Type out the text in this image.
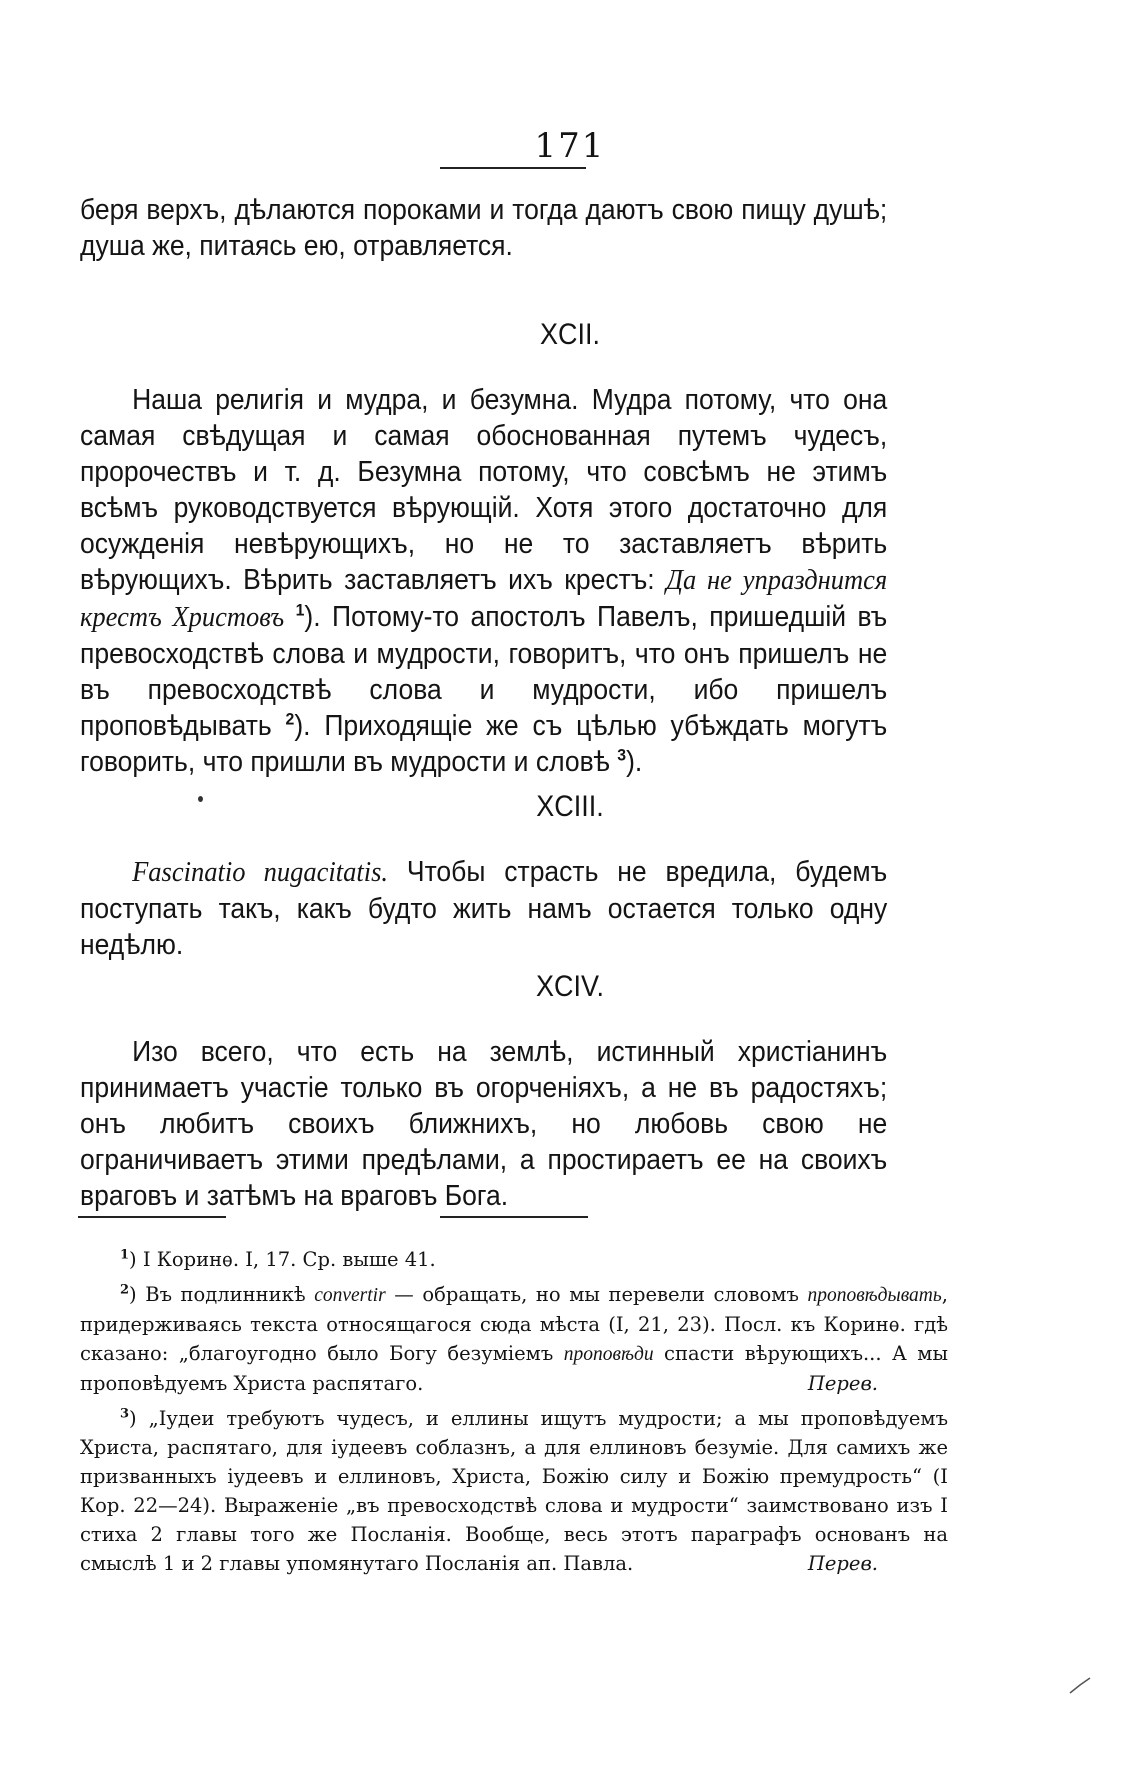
171

беря верхъ, дѣлаются пороками и тогда даютъ свою пищу душѣ;

душа же, питаясь ею, отравляется.

XCII.

Наша религія и мудра, и безумна. Мудра потому, что она самая свѣдущая и самая обоснованная путемъ чудесъ, пророчествъ и т. д. Безумна потому, что совсѣмъ не этимъ всѣмъ руководствуется вѣрующій. Хотя этого достаточно для осужденія невѣрующихъ, но не то заставляетъ вѣрить вѣрующихъ. Вѣрить заставляетъ ихъ крестъ: Да не упразднится крестъ Христовъ $^1$). Потому-то апостолъ Павелъ, пришедшій въ превосходствѣ слова и мудрости, говоритъ, что онъ пришелъ не въ превосходствѣ слова и мудрости, ибо пришелъ проповѣдывать $^2$). Приходящіе же съ цѣлью убѣждать могутъ говорить, что пришли въ мудрости и словѣ $^3$).

XCIII.

Fascinatio nugacitatis. Чтобы страсть не вредила, будемъ поступать такъ, какъ будто жить намъ остается только одну недѣлю.

XCIV.

Изо всего, что есть на землѣ, истинный христіанинъ принимаетъ участіе только въ огорченіяхъ, а не въ радостяхъ; онъ любитъ своихъ ближнихъ, но любовь свою не ограничиваетъ этими предѣлами, а простираетъ ее на своихъ враговъ и затѣмъ на враговъ Бога.

$^1$) I Коринѳ. I, 17. Ср. выше 41.

$^2$) Въ подлинникѣ convertir — обращать, но мы перевели словомъ проповѣдывать, придерживаясь текста относящагося сюда мѣста (I, 21, 23). Посл. къ Коринѳ. гдѣ сказано: „благоугодно было Богу безуміемъ проповѣди спасти вѣрующихъ... А мы проповѣдуемъ Христа распятаго.	Перев.

$^3$) „Іудеи требуютъ чудесъ, и еллины ищутъ мудрости; а мы проповѣдуемъ Христа, распятаго, для іудеевъ соблазнъ, а для еллиновъ безуміе. Для самихъ же призванныхъ іудеевъ и еллиновъ, Христа, Божію силу и Божію премудрость“ (I Кор. 22—24). Выраженіе „въ превосходствѣ слова и мудрости“ заимствовано изъ I стиха 2 главы того же Посланія. Вообще, весь этотъ параграфъ основанъ на смыслѣ 1 и 2 главы упомянутаго Посланія ап. Павла.	Перев.
